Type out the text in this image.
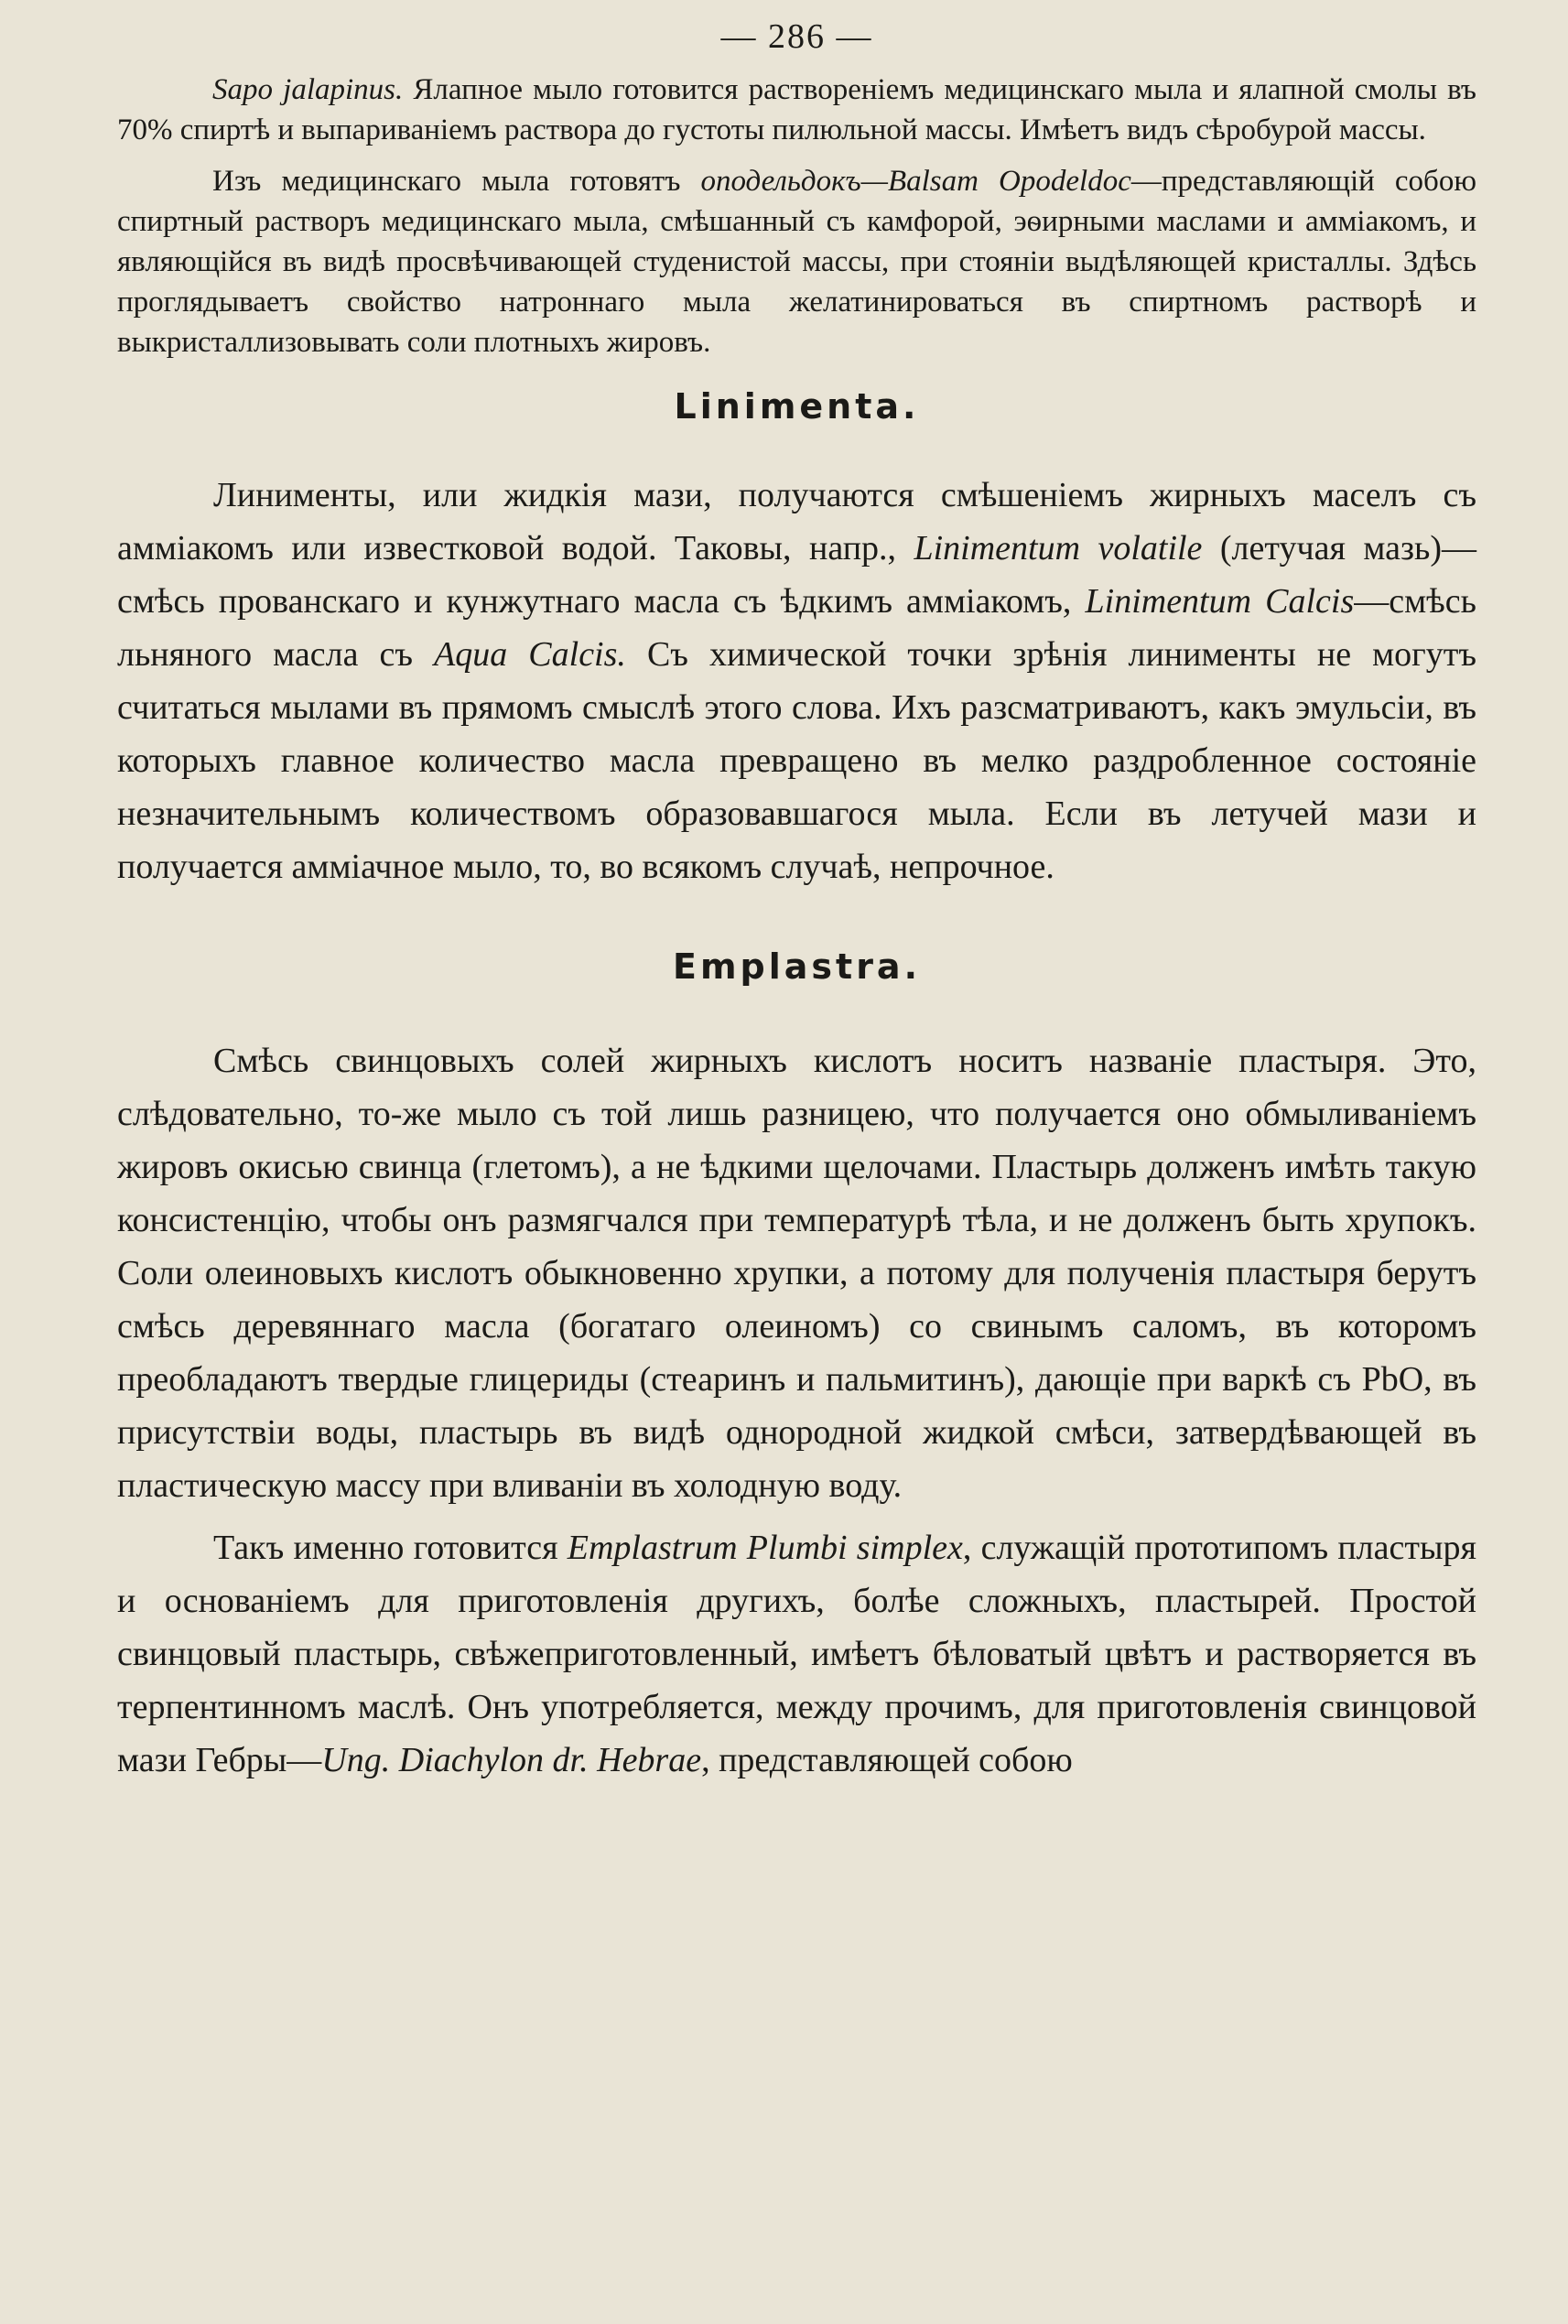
— 286 —

Sapo jalapinus. Ялапное мыло готовится растворенiемъ медицинскаго мыла и ялапной смолы въ 70% спиртѣ и выпариванiемъ раствора до густоты пилюльной массы. Имѣетъ видъ сѣробурой массы.

Изъ медицинскаго мыла готовятъ оподельдокъ—Balsam Opodeldoc—представляющiй собою спиртный растворъ медицинскаго мыла, смѣшанный съ камфорой, эѳирными маслами и аммiакомъ, и являющiйся въ видѣ просвѣчивающей студенистой массы, при стоянiи выдѣляющей кристаллы. Здѣсь проглядываетъ свойство натроннаго мыла желатинироваться въ спиртномъ растворѣ и выкристаллизовывать соли плотныхъ жировъ.

Linimenta.

Линименты, или жидкiя мази, получаются смѣшенiемъ жирныхъ маселъ съ аммiакомъ или известковой водой. Таковы, напр., Linimentum volatile (летучая мазь)—смѣсь прованскаго и кунжутнаго масла съ ѣдкимъ аммiакомъ, Linimentum Calcis—смѣсь льняного масла съ Aqua Calcis. Съ химической точки зрѣнiя линименты не могутъ считаться мылами въ прямомъ смыслѣ этого слова. Ихъ разсматриваютъ, какъ эмульсiи, въ которыхъ главное количество масла превращено въ мелко раздробленное состоянiе незначительнымъ количествомъ образовавшагося мыла. Если въ летучей мази и получается аммiачное мыло, то, во всякомъ случаѣ, непрочное.

Emplastra.

Смѣсь свинцовыхъ солей жирныхъ кислотъ носитъ названiе пластыря. Это, слѣдовательно, то-же мыло съ той лишь разницею, что получается оно обмыливанiемъ жировъ окисью свинца (глетомъ), а не ѣдкими щелочами. Пластырь долженъ имѣть такую консистенцiю, чтобы онъ размягчался при температурѣ тѣла, и не долженъ быть хрупокъ. Соли олеиновыхъ кислотъ обыкновенно хрупки, а потому для полученiя пластыря берутъ смѣсь деревяннаго масла (богатаго олеиномъ) со свинымъ саломъ, въ которомъ преобладаютъ твердые глицериды (стеаринъ и пальмитинъ), дающiе при варкѣ съ PbO, въ присутствiи воды, пластырь въ видѣ однородной жидкой смѣси, затвердѣвающей въ пластическую массу при вливанiи въ холодную воду.

Такъ именно готовится Emplastrum Plumbi simplex, служащiй прототипомъ пластыря и основанiемъ для приготовленiя другихъ, болѣе сложныхъ, пластырей. Простой свинцовый пластырь, свѣжеприготовленный, имѣетъ бѣловатый цвѣтъ и растворяется въ терпентинномъ маслѣ. Онъ употребляется, между прочимъ, для приготовленiя свинцовой мази Гебры—Ung. Diachylon dr. Hebrae, представляющей собою
